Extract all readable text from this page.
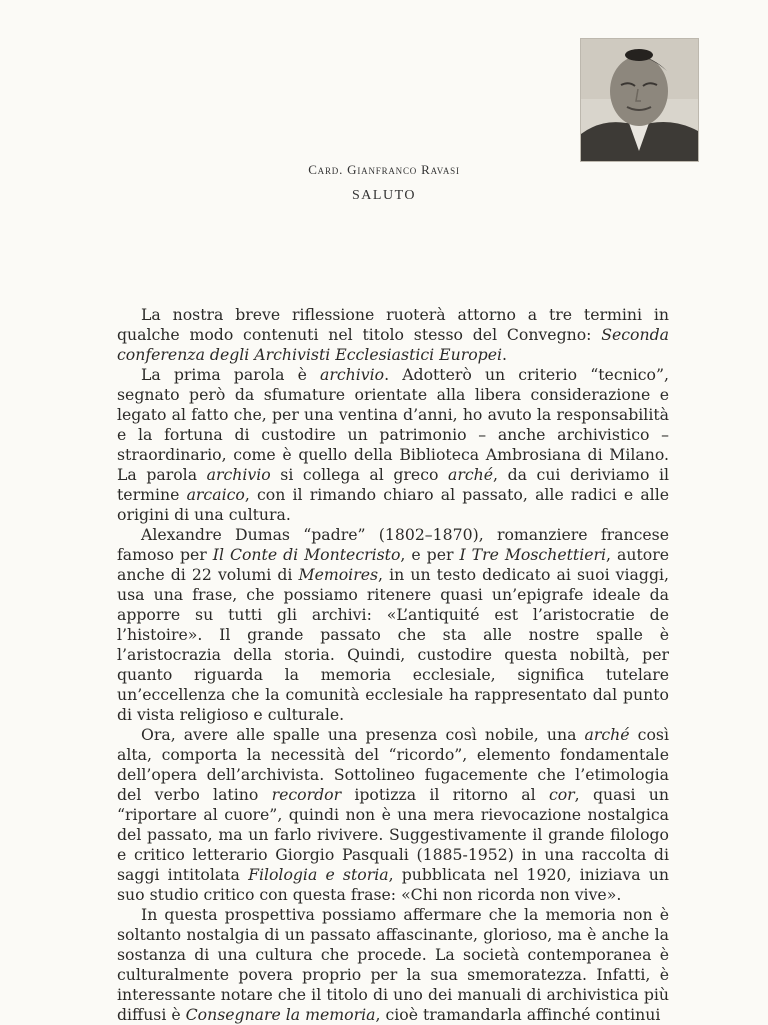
Card. Gianfranco Ravasi
SALUTO

La nostra breve riflessione ruoterà attorno a tre termini in qualche modo contenuti nel titolo stesso del Convegno: Seconda conferenza degli Archivisti Ecclesiastici Europei.

La prima parola è archivio. Adotterò un criterio “tecnico”, segnato però da sfumature orientate alla libera considerazione e legato al fatto che, per una ventina d’anni, ho avuto la responsabilità e la fortuna di custodire un patrimonio – anche archivistico – straordinario, come è quello della Biblioteca Ambrosiana di Milano. La parola archivio si collega al greco arché, da cui deriviamo il termine arcaico, con il rimando chiaro al passato, alle radici e alle origini di una cultura.

Alexandre Dumas “padre” (1802–1870), romanziere francese famoso per Il Conte di Montecristo, e per I Tre Moschettieri, autore anche di 22 volumi di Memoires, in un testo dedicato ai suoi viaggi, usa una frase, che possiamo ritenere quasi un’epigrafe ideale da apporre su tutti gli archivi: «L’antiquité est l’aristocratie de l’histoire». Il grande passato che sta alle nostre spalle è l’aristocrazia della storia. Quindi, custodire questa nobiltà, per quanto riguarda la memoria ecclesiale, significa tutelare un’eccellenza che la comunità ecclesiale ha rappresentato dal punto di vista religioso e culturale.

Ora, avere alle spalle una presenza così nobile, una arché così alta, comporta la necessità del “ricordo”, elemento fondamentale dell’opera dell’archivista. Sottolineo fugacemente che l’etimologia del verbo latino recordor ipotizza il ritorno al cor, quasi un “riportare al cuore”, quindi non è una mera rievocazione nostalgica del passato, ma un farlo rivivere. Suggestivamente il grande filologo e critico letterario Giorgio Pasquali (1885-1952) in una raccolta di saggi intitolata Filologia e storia, pubblicata nel 1920, iniziava un suo studio critico con questa frase: «Chi non ricorda non vive».

In questa prospettiva possiamo affermare che la memoria non è soltanto nostalgia di un passato affascinante, glorioso, ma è anche la sostanza di una cultura che procede. La società contemporanea è culturalmente povera proprio per la sua smemoratezza. Infatti, è interessante notare che il titolo di uno dei manuali di archivistica più diffusi è Consegnare la memoria, cioè tramandarla affinché continui
